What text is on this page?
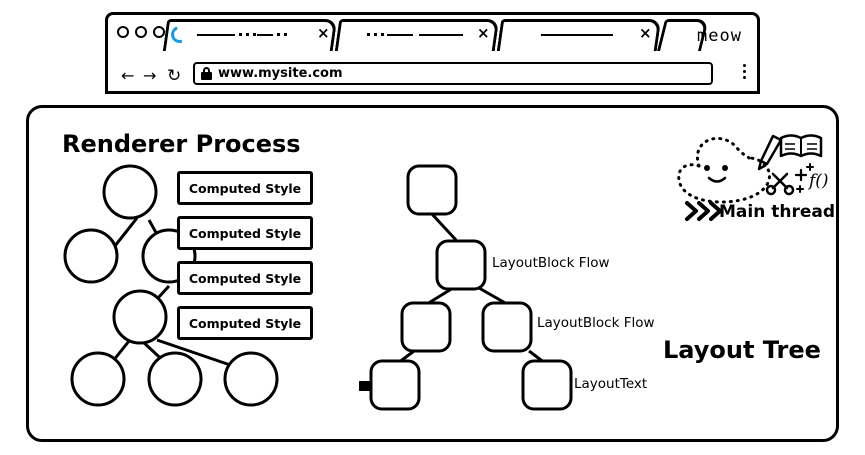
×	×	×	meow
← → ↻	www.mysite.com
Renderer Process
Layout Tree
Main thread
f()
Computed Style
Computed Style
Computed Style
Computed Style
LayoutBlock Flow
LayoutBlock Flow
LayoutText
